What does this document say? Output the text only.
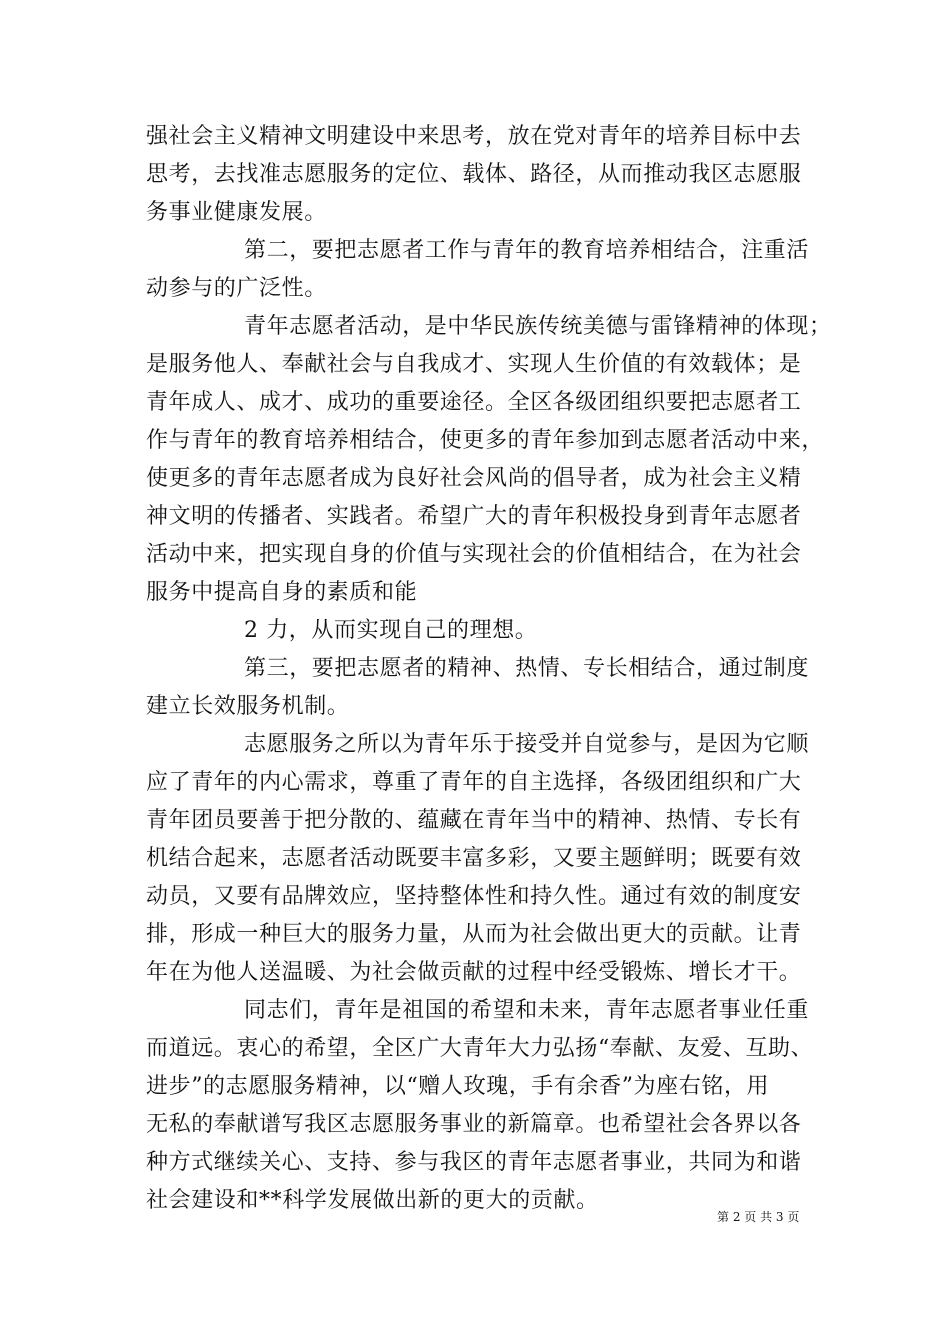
强社会主义精神文明建设中来思考，放在党对青年的培养目标中去
思考，去找准志愿服务的定位、载体、路径，从而推动我区志愿服
务事业健康发展。
第二，要把志愿者工作与青年的教育培养相结合，注重活
动参与的广泛性。
青年志愿者活动，是中华民族传统美德与雷锋精神的体现；
是服务他人、奉献社会与自我成才、实现人生价值的有效载体；是
青年成人、成才、成功的重要途径。全区各级团组织要把志愿者工
作与青年的教育培养相结合，使更多的青年参加到志愿者活动中来，
使更多的青年志愿者成为良好社会风尚的倡导者，成为社会主义精
神文明的传播者、实践者。希望广大的青年积极投身到青年志愿者
活动中来，把实现自身的价值与实现社会的价值相结合，在为社会
服务中提高自身的素质和能
2 力，从而实现自己的理想。
第三，要把志愿者的精神、热情、专长相结合，通过制度
建立长效服务机制。
志愿服务之所以为青年乐于接受并自觉参与，是因为它顺
应了青年的内心需求，尊重了青年的自主选择，各级团组织和广大
青年团员要善于把分散的、蕴藏在青年当中的精神、热情、专长有
机结合起来，志愿者活动既要丰富多彩，又要主题鲜明；既要有效
动员，又要有品牌效应，坚持整体性和持久性。通过有效的制度安
排，形成一种巨大的服务力量，从而为社会做出更大的贡献。让青
年在为他人送温暖、为社会做贡献的过程中经受锻炼、增长才干。
同志们，青年是祖国的希望和未来，青年志愿者事业任重
而道远。衷心的希望，全区广大青年大力弘扬“奉献、友爱、互助、
进步”的志愿服务精神，以“赠人玫瑰，手有余香”为座右铭，用
无私的奉献谱写我区志愿服务事业的新篇章。也希望社会各界以各
种方式继续关心、支持、参与我区的青年志愿者事业，共同为和谐
社会建设和**科学发展做出新的更大的贡献。
第 2 页 共 3 页
